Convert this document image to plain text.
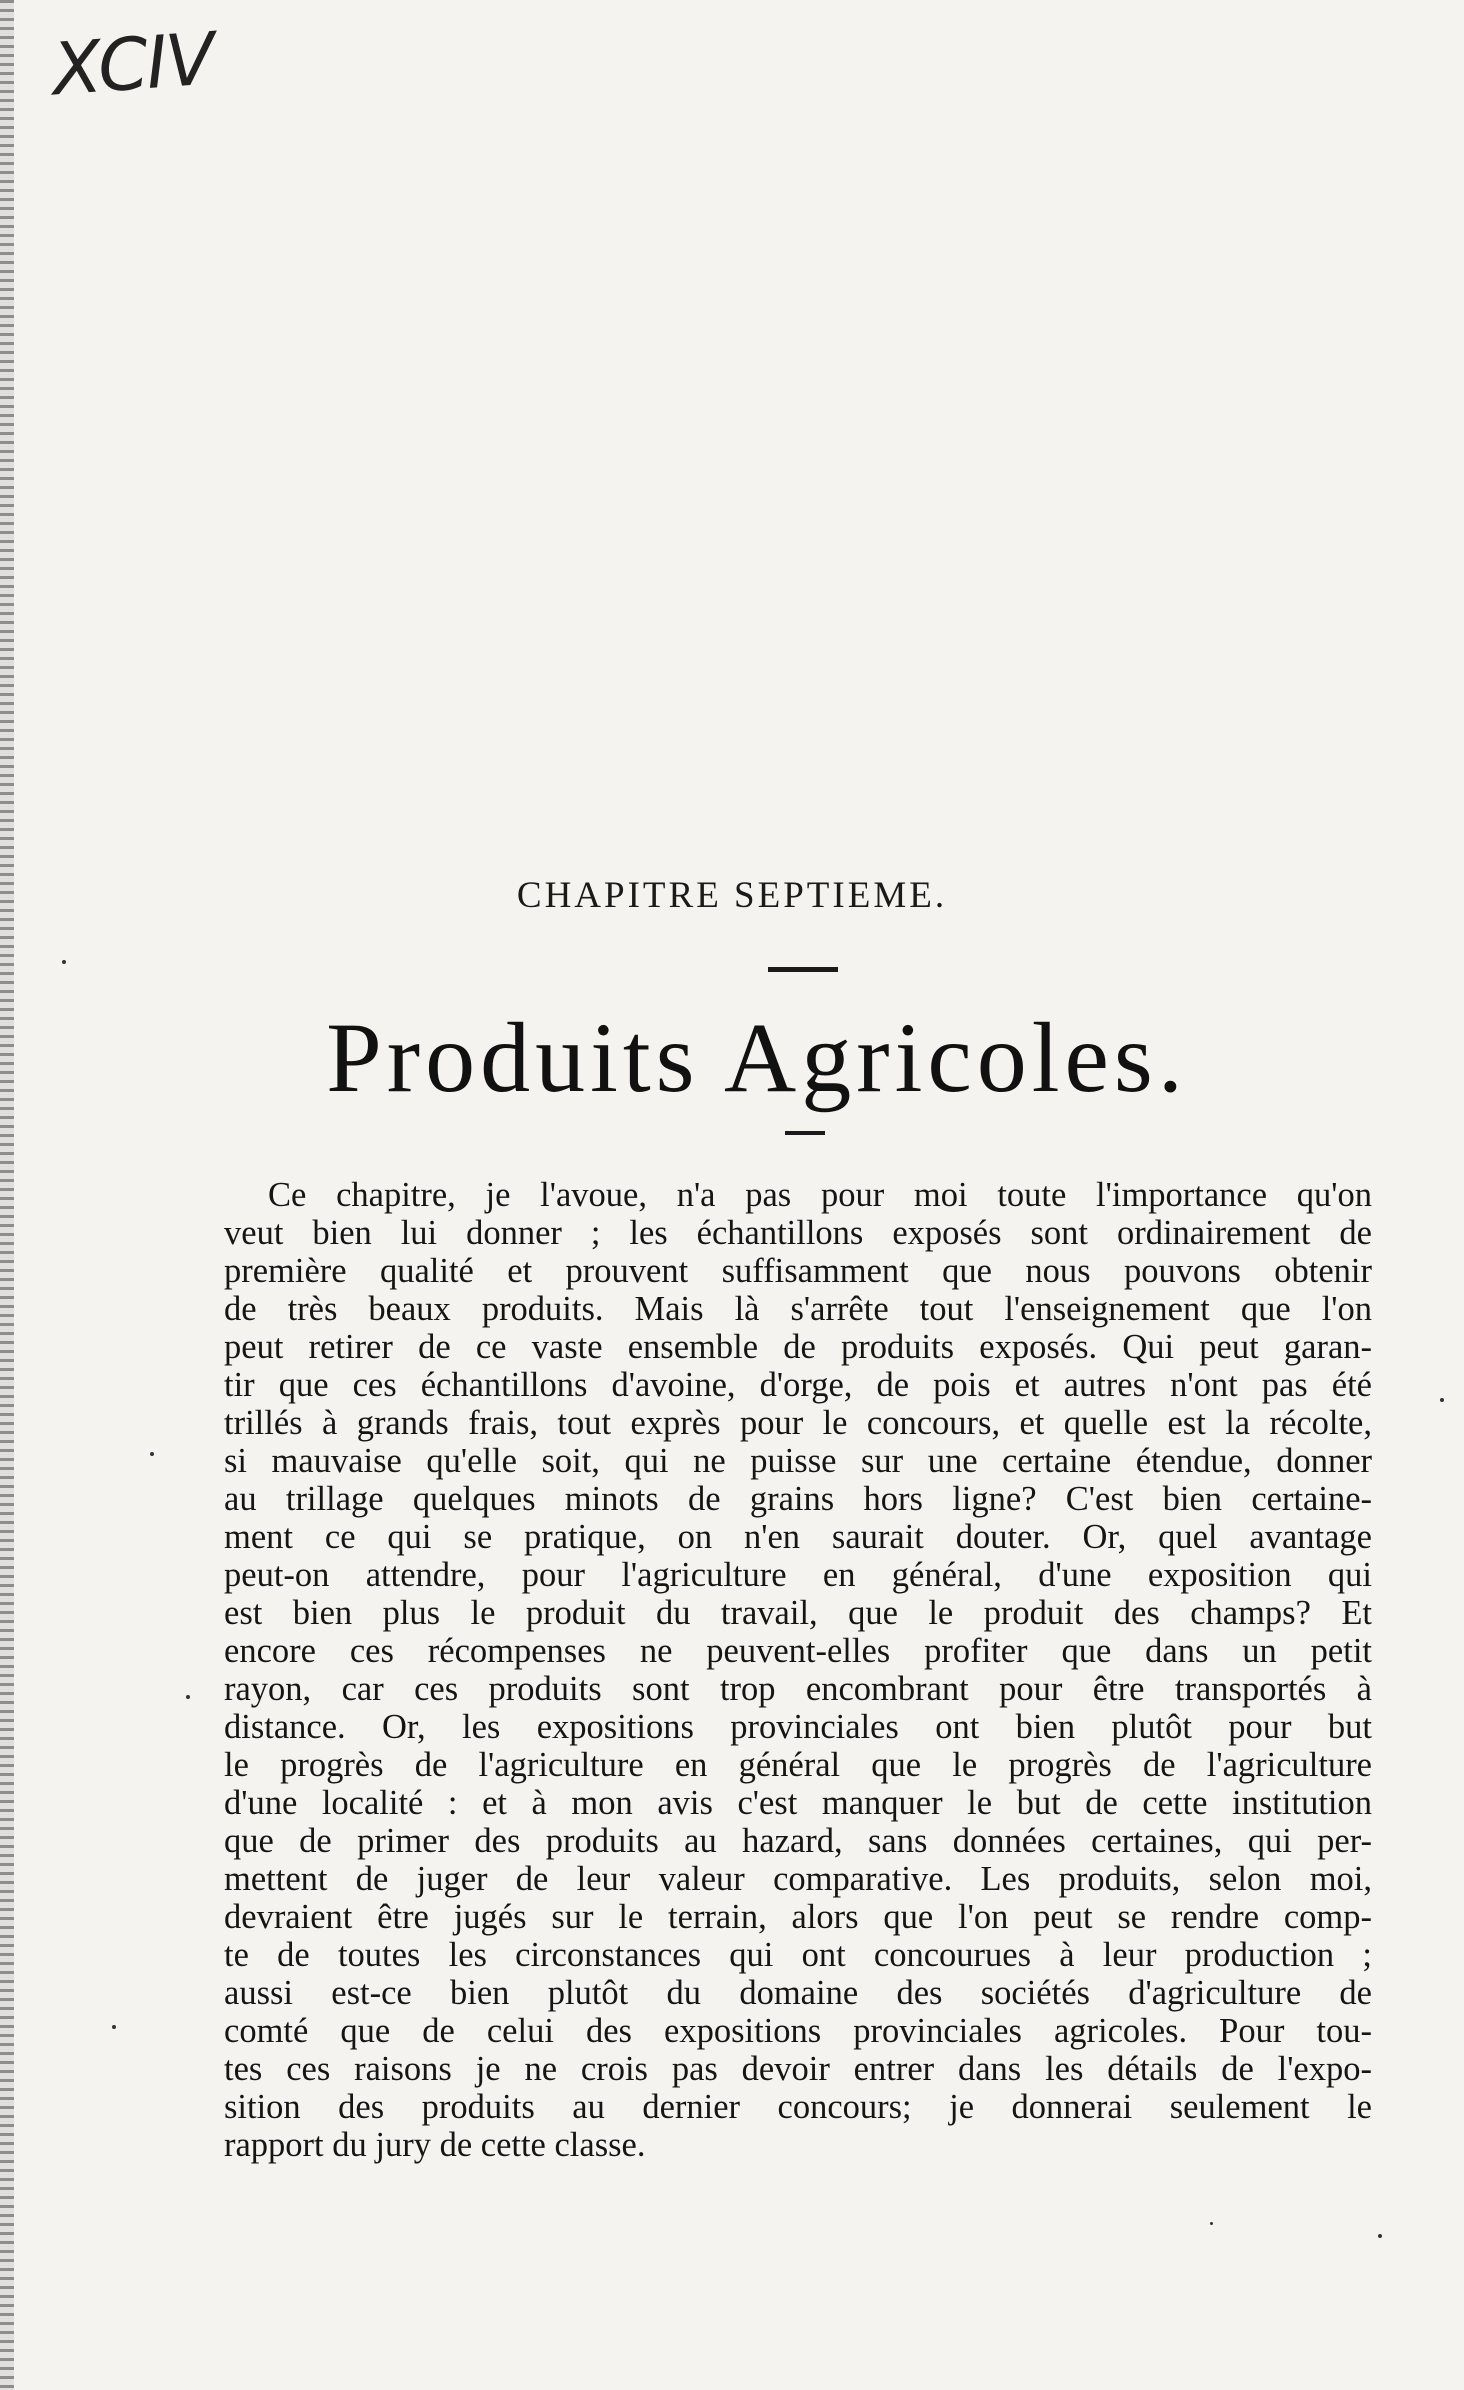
XCIV
CHAPITRE SEPTIEME.
Produits Agricoles.
Ce chapitre, je l'avoue, n'a pas pour moi toute l'importance qu'on
veut bien lui donner ; les échantillons exposés sont ordinairement de
première qualité et prouvent suffisamment que nous pouvons obtenir
de très beaux produits. Mais là s'arrête tout l'enseignement que l'on
peut retirer de ce vaste ensemble de produits exposés. Qui peut garan-
tir que ces échantillons d'avoine, d'orge, de pois et autres n'ont pas été
trillés à grands frais, tout exprès pour le concours, et quelle est la récolte,
si mauvaise qu'elle soit, qui ne puisse sur une certaine étendue, donner
au trillage quelques minots de grains hors ligne? C'est bien certaine-
ment ce qui se pratique, on n'en saurait douter. Or, quel avantage
peut-on attendre, pour l'agriculture en général, d'une exposition qui
est bien plus le produit du travail, que le produit des champs? Et
encore ces récompenses ne peuvent-elles profiter que dans un petit
rayon, car ces produits sont trop encombrant pour être transportés à
distance. Or, les expositions provinciales ont bien plutôt pour but
le progrès de l'agriculture en général que le progrès de l'agriculture
d'une localité : et à mon avis c'est manquer le but de cette institution
que de primer des produits au hazard, sans données certaines, qui per-
mettent de juger de leur valeur comparative. Les produits, selon moi,
devraient être jugés sur le terrain, alors que l'on peut se rendre comp-
te de toutes les circonstances qui ont concourues à leur production ;
aussi est-ce bien plutôt du domaine des sociétés d'agriculture de
comté que de celui des expositions provinciales agricoles. Pour tou-
tes ces raisons je ne crois pas devoir entrer dans les détails de l'expo-
sition des produits au dernier concours; je donnerai seulement le
rapport du jury de cette classe.
